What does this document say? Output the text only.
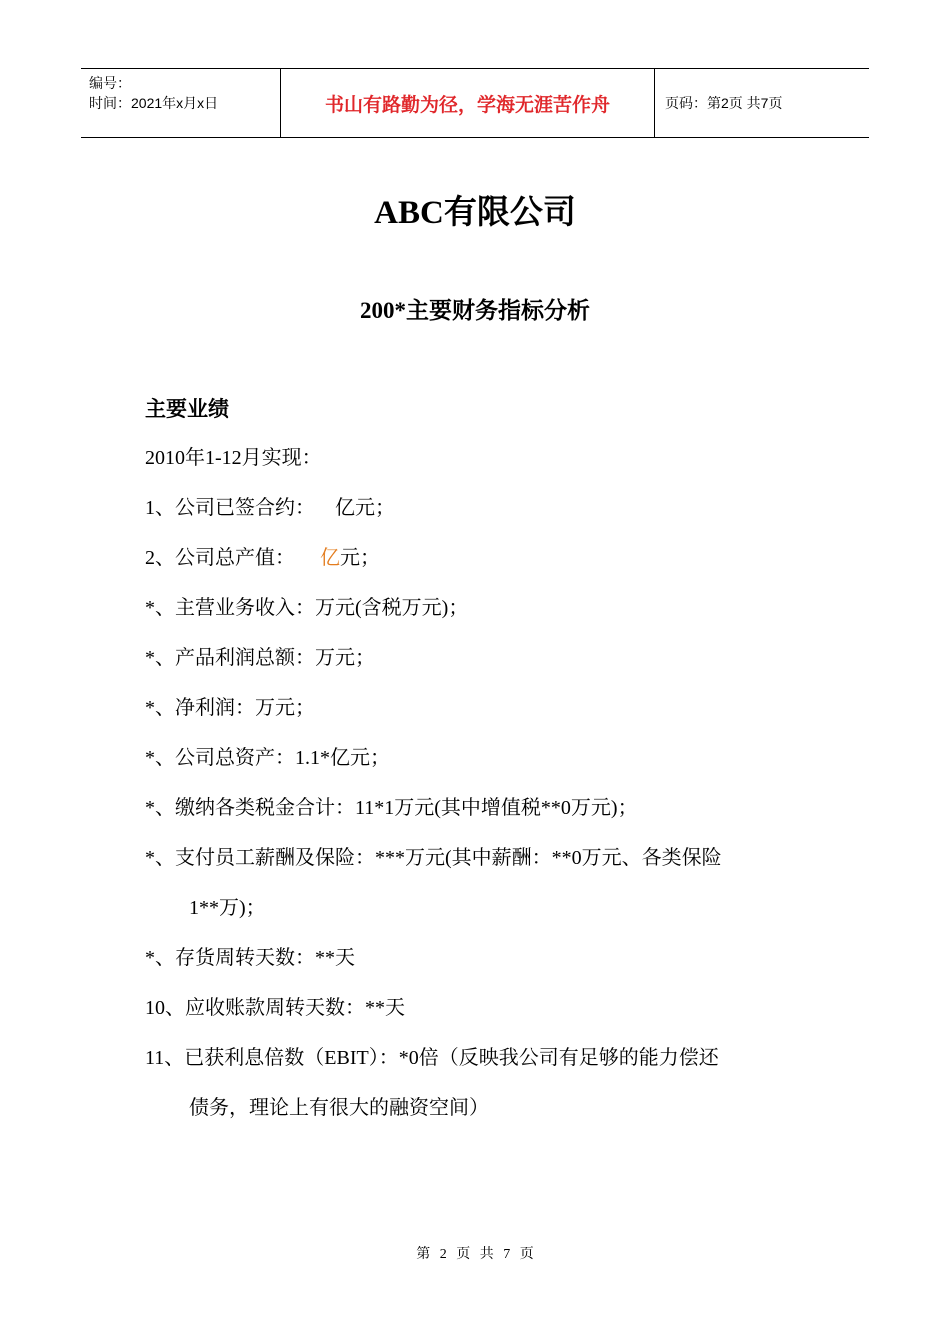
编号：
时间：2021年x月x日	书山有路勤为径，学海无涯苦作舟	页码：第2页 共7页
ABC有限公司
200*主要财务指标分析
主要业绩
2010年1-12月实现：
1、公司已签合约：    亿元；
2、公司总产值：     亿元；
*、主营业务收入：万元(含税万元)；
*、产品利润总额：万元；
*、净利润：万元；
*、公司总资产：1.1*亿元；
*、缴纳各类税金合计：11*1万元(其中增值税**0万元)；
*、支付员工薪酬及保险：***万元(其中薪酬：**0万元、各类保险
1**万)；
*、存货周转天数：**天
10、应收账款周转天数：**天
11、已获利息倍数（EBIT）：*0倍（反映我公司有足够的能力偿还
债务，理论上有很大的融资空间）
第 2 页 共 7 页
